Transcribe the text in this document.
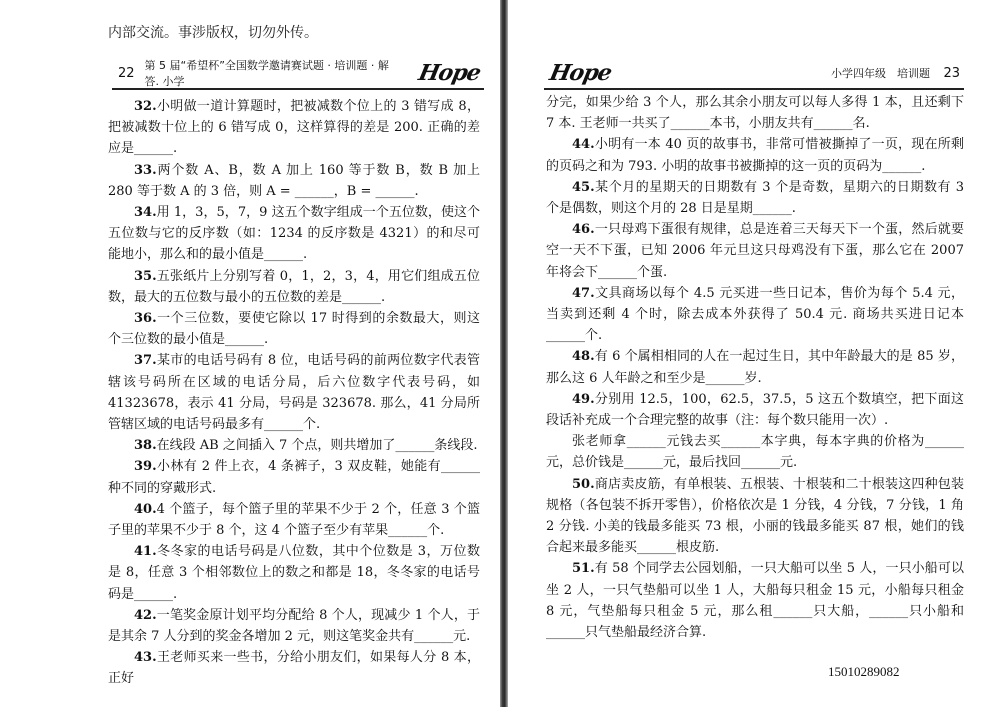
内部交流。事涉版权，切勿外传。
22 第 5 届“希望杯”全国数学邀请赛试题 · 培训题 · 解答. 小学	Hope

32.小明做一道计算题时，把被减数个位上的 3 错写成 8，把被减数十位上的 6 错写成 0，这样算得的差是 200. 正确的差应是______.

33.两个数 A、B，数 A 加上 160 等于数 B，数 B 加上 280 等于数 A 的 3 倍，则 A = ______，B = ______.

34.用 1，3，5，7，9 这五个数字组成一个五位数，使这个五位数与它的反序数（如：1234 的反序数是 4321）的和尽可能地小，那么和的最小值是______.

35.五张纸片上分别写着 0，1，2，3，4，用它们组成五位数，最大的五位数与最小的五位数的差是______.

36.一个三位数，要使它除以 17 时得到的余数最大，则这个三位数的最小值是______.

37.某市的电话号码有 8 位，电话号码的前两位数字代表管辖该号码所在区域的电话分局，后六位数字代表号码，如 41323678，表示 41 分局，号码是 323678. 那么，41 分局所管辖区域的电话号码最多有______个.

38.在线段 AB 之间插入 7 个点，则共增加了______条线段.

39.小林有 2 件上衣，4 条裤子，3 双皮鞋，她能有______种不同的穿戴形式.

40.4 个篮子，每个篮子里的苹果不少于 2 个，任意 3 个篮子里的苹果不少于 8 个，这 4 个篮子至少有苹果______个.

41.冬冬家的电话号码是八位数，其中个位数是 3，万位数是 8，任意 3 个相邻数位上的数之和都是 18，冬冬家的电话号码是______.

42.一笔奖金原计划平均分配给 8 个人，现减少 1 个人，于是其余 7 人分到的奖金各增加 2 元，则这笔奖金共有______元.

43.王老师买来一些书，分给小朋友们，如果每人分 8 本，正好

Hope	小学四年级　培训题 23

分完，如果少给 3 个人，那么其余小朋友可以每人多得 1 本，且还剩下 7 本. 王老师一共买了______本书，小朋友共有______名.

44.小明有一本 40 页的故事书，非常可惜被撕掉了一页，现在所剩的页码之和为 793. 小明的故事书被撕掉的这一页的页码为______.

45.某个月的星期天的日期数有 3 个是奇数，星期六的日期数有 3 个是偶数，则这个月的 28 日是星期______.

46.一只母鸡下蛋很有规律，总是连着三天每天下一个蛋，然后就要空一天不下蛋，已知 2006 年元旦这只母鸡没有下蛋，那么它在 2007 年将会下______个蛋.

47.文具商场以每个 4.5 元买进一些日记本，售价为每个 5.4 元，当卖到还剩 4 个时，除去成本外获得了 50.4 元. 商场共买进日记本______个.

48.有 6 个属相相同的人在一起过生日，其中年龄最大的是 85 岁，那么这 6 人年龄之和至少是______岁.

49.分别用 12.5，100，62.5，37.5，5 这五个数填空，把下面这段话补充成一个合理完整的故事（注：每个数只能用一次）.

张老师拿______元钱去买______本字典，每本字典的价格为______元，总价钱是______元，最后找回______元.

50.商店卖皮筋，有单根装、五根装、十根装和二十根装这四种包装规格（各包装不拆开零售），价格依次是 1 分钱，4 分钱，7 分钱，1 角 2 分钱. 小美的钱最多能买 73 根，小丽的钱最多能买 87 根，她们的钱合起来最多能买______根皮筋.

51.有 58 个同学去公园划船，一只大船可以坐 5 人，一只小船可以坐 2 人，一只气垫船可以坐 1 人，大船每只租金 15 元，小船每只租金 8 元，气垫船每只租金 5 元，那么租______只大船，______只小船和______只气垫船最经济合算.

15010289082
